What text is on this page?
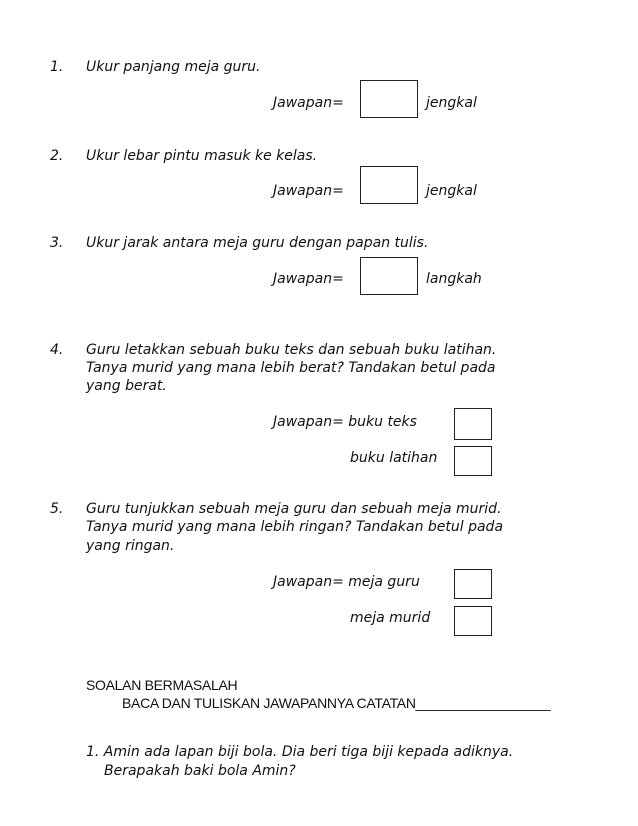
1. Ukur panjang meja guru.
Jawapan=	jengkal
2. Ukur lebar pintu masuk ke kelas.
Jawapan=	jengkal
3. Ukur jarak antara meja guru dengan papan tulis.
Jawapan=	langkah
4. Guru letakkan sebuah buku teks dan sebuah buku latihan.
Tanya murid yang mana lebih berat? Tandakan betul pada
yang berat.
Jawapan= buku teks
buku latihan
5. Guru tunjukkan sebuah meja guru dan sebuah meja murid.
Tanya murid yang mana lebih ringan? Tandakan betul pada
yang ringan.
Jawapan= meja guru
meja murid
SOALAN BERMASALAH
BACA DAN TULISKAN JAWAPANNYA CATATAN__________________
1. Amin ada lapan biji bola. Dia beri tiga biji kepada adiknya.
Berapakah baki bola Amin?
